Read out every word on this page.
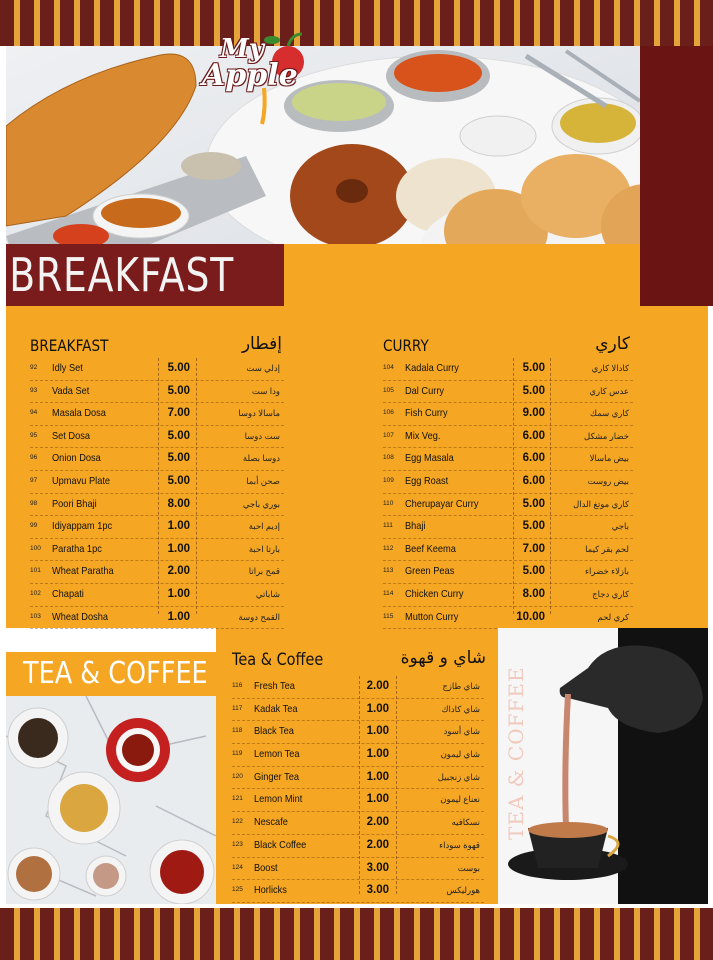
My
Apple
BREAKFAST
BREAKFAST	إفطار
92	Idly Set	5.00	إدلي ست
93	Vada Set	5.00	ودا ست
94	Masala Dosa	7.00	ماسالا دوسا
95	Set Dosa	5.00	ست دوسا
96	Onion Dosa	5.00	دوسا بصلة
97	Upmavu Plate	5.00	صحن أبما
98	Poori Bhaji	8.00	بوري باجي
99	Idiyappam 1pc	1.00	إديم احبة
100	Paratha 1pc	1.00	بارتا احبة
101	Wheat Paratha	2.00	قمح براتا
102	Chapati	1.00	شاباتي
103	Wheat Dosha	1.00	القمح دوسة
CURRY	كاري
104	Kadala Curry	5.00	كادالا كاري
105	Dal Curry	5.00	عدس كاري
106	Fish Curry	9.00	كاري سمك
107	Mix Veg.	6.00	خضار مشكل
108	Egg Masala	6.00	بيض ماسالا
109	Egg Roast	6.00	بيض روست
110	Cherupayar Curry	5.00	كاري موتغ الدال
111	Bhaji	5.00	باجي
112	Beef Keema	7.00	لحم بقر كيما
113	Green Peas	5.00	بازلاء خضراء
114	Chicken Curry	8.00	كاري دجاج
115	Mutton Curry	10.00	كري لحم
TEA & COFFEE Tea & Coffee	شاي و قهوة
116	Fresh Tea	2.00	شاي طازج
117	Kadak Tea	1.00	شاي كاداك
118	Black Tea	1.00	شاي أسود
119	Lemon Tea	1.00	شاي ليمون
120	Ginger Tea	1.00	شاي زنجبيل
121	Lemon Mint	1.00	نعناع ليمون
122	Nescafe	2.00	نسكافيه
123	Black Coffee	2.00	قهوة سوداء
124	Boost	3.00	بوست
125	Horlicks	3.00	هورليكس
TEA & COFFEE
